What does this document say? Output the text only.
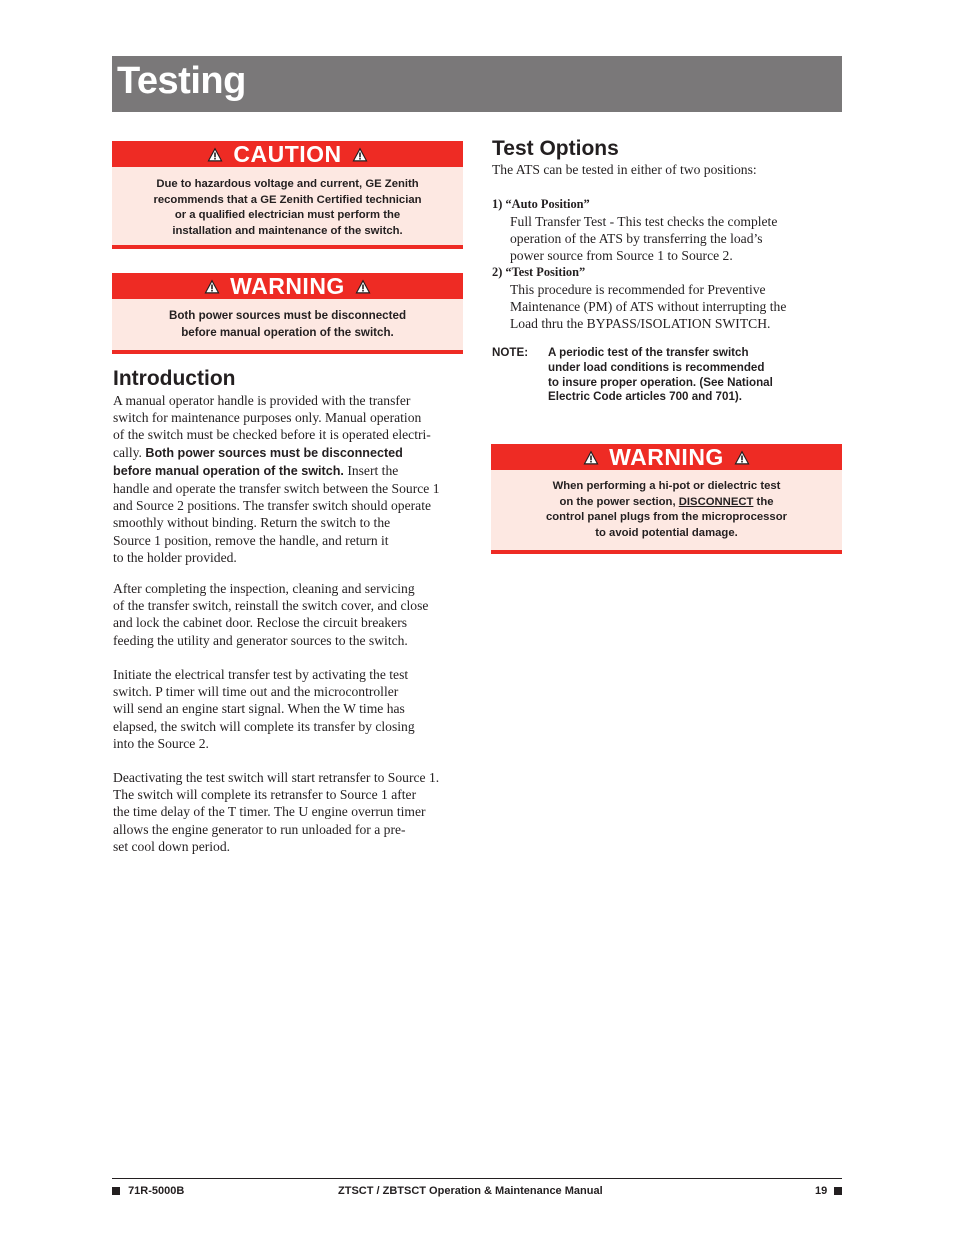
Testing
CAUTION
Due to hazardous voltage and current, GE Zenith
recommends that a GE Zenith Certified technician
or a qualified electrician must perform the
installation and maintenance of the switch.
WARNING
Both power sources must be disconnected
before manual operation of the switch.
Introduction
A manual operator handle is provided with the transfer
switch for maintenance purposes only. Manual operation
of the switch must be checked before it is operated electri-
cally. Both power sources must be disconnected
before manual operation of the switch. Insert the
handle and operate the transfer switch between the Source 1
and Source 2 positions. The transfer switch should operate
smoothly without binding. Return the switch to the
Source 1 position, remove the handle, and return it
to the holder provided.
After completing the inspection, cleaning and servicing
of the transfer switch, reinstall the switch cover, and close
and lock the cabinet door. Reclose the circuit breakers
feeding the utility and generator sources to the switch.
Initiate the electrical transfer test by activating the test
switch. P timer will time out and the microcontroller
will send an engine start signal. When the W time has
elapsed, the switch will complete its transfer by closing
into the Source 2.
Deactivating the test switch will start retransfer to Source 1.
The switch will complete its retransfer to Source 1 after
the time delay of the T timer. The U engine overrun timer
allows the engine generator to run unloaded for a pre-
set cool down period.
Test Options

The ATS can be tested in either of two positions:

1) “Auto Position”
Full Transfer Test - This test checks the complete
operation of the ATS by transferring the load’s
power source from Source 1 to Source 2.
2) “Test Position”
This procedure is recommended for Preventive
Maintenance (PM) of ATS without interrupting the
Load thru the BYPASS/ISOLATION SWITCH.
NOTE: A periodic test of the transfer switch
under load conditions is recommended
to insure proper operation. (See National
Electric Code articles 700 and 701).
WARNING
When performing a hi-pot or dielectric test
on the power section, DISCONNECT the
control panel plugs from the microprocessor
to avoid potential damage.
71R-5000B	ZTSCT / ZBTSCT Operation & Maintenance Manual	19
